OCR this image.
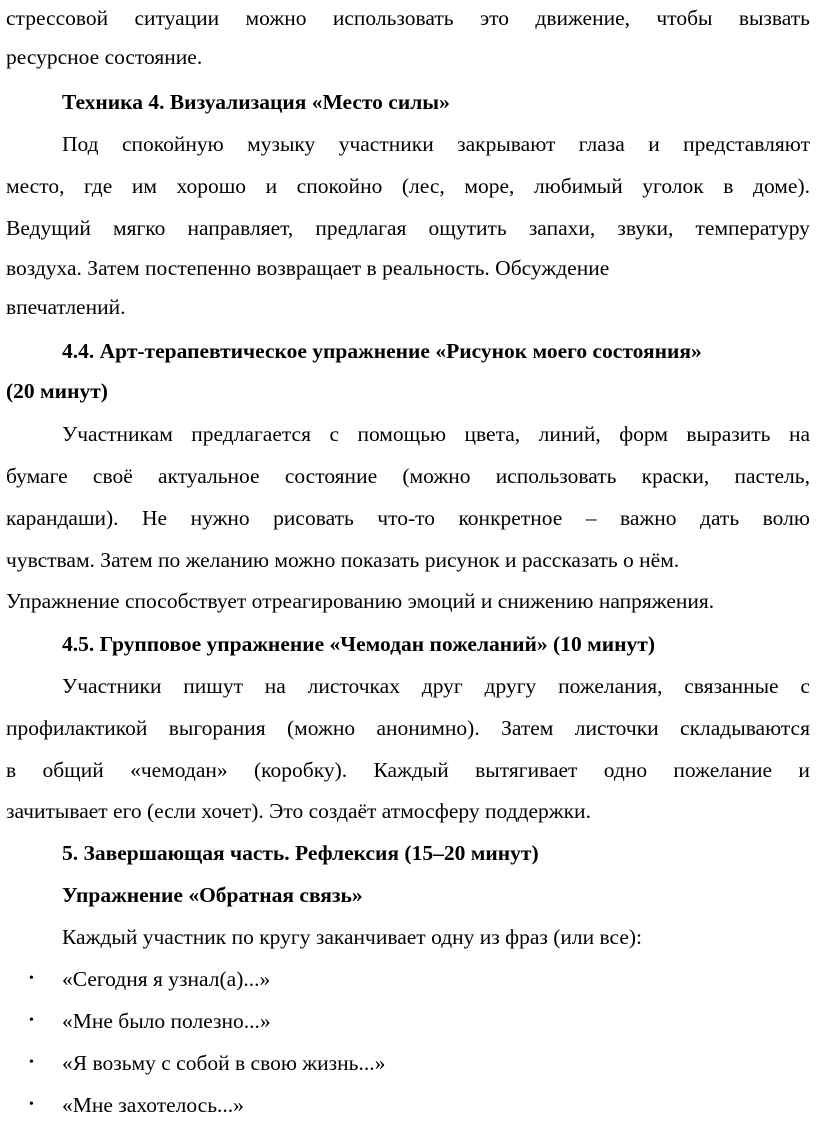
стрессовой ситуации можно использовать это движение, чтобы вызвать
ресурсное состояние.
Техника 4. Визуализация «Место силы»
Под спокойную музыку участники закрывают глаза и представляют
место, где им хорошо и спокойно (лес, море, любимый уголок в доме).
Ведущий мягко направляет, предлагая ощутить запахи, звуки, температуру
воздуха. Затем постепенно возвращает в реальность. Обсуждение
впечатлений.
4.4. Арт-терапевтическое упражнение «Рисунок моего состояния»
(20 минут)
Участникам предлагается с помощью цвета, линий, форм выразить на
бумаге своё актуальное состояние (можно использовать краски, пастель,
карандаши). Не нужно рисовать что-то конкретное – важно дать волю
чувствам. Затем по желанию можно показать рисунок и рассказать о нём.
Упражнение способствует отреагированию эмоций и снижению напряжения.
4.5. Групповое упражнение «Чемодан пожеланий» (10 минут)
Участники пишут на листочках друг другу пожелания, связанные с
профилактикой выгорания (можно анонимно). Затем листочки складываются
в общий «чемодан» (коробку). Каждый вытягивает одно пожелание и
зачитывает его (если хочет). Это создаёт атмосферу поддержки.
5. Завершающая часть. Рефлексия (15–20 минут)
Упражнение «Обратная связь»
Каждый участник по кругу заканчивает одну из фраз (или все):
• «Сегодня я узнал(а)...»
• «Мне было полезно...»
• «Я возьму с собой в свою жизнь...»
• «Мне захотелось...»
